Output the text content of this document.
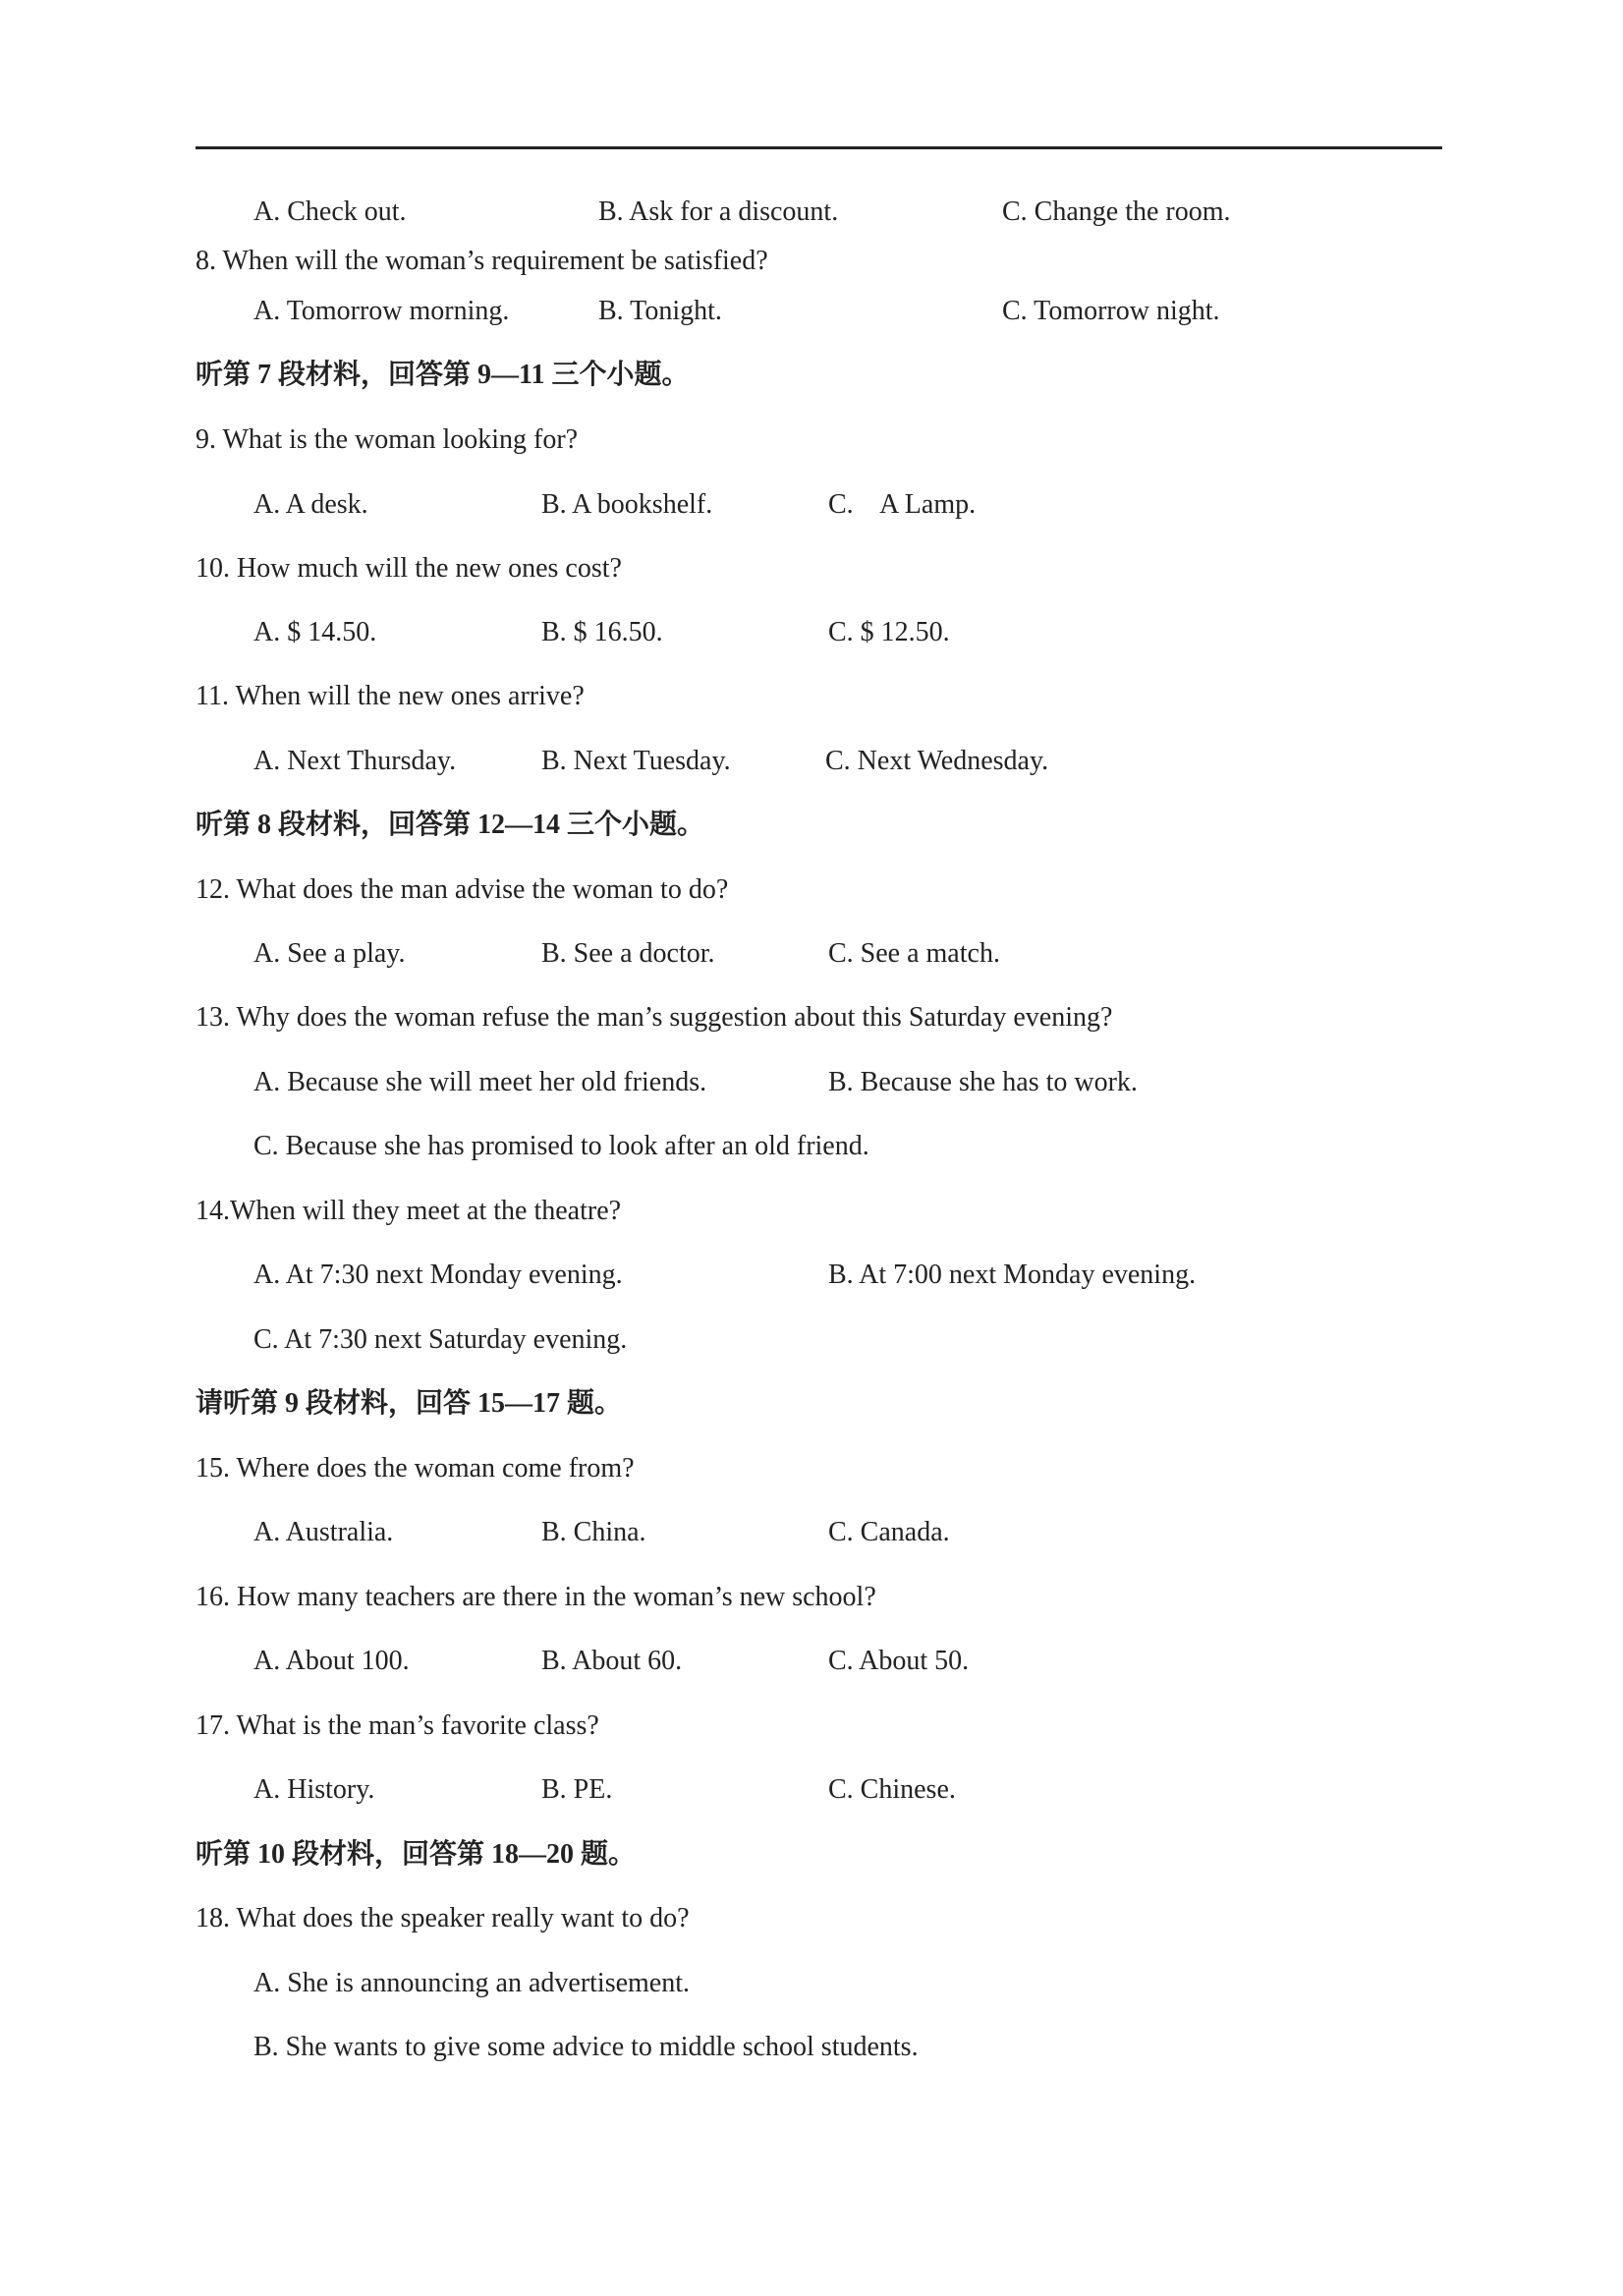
A. Check out.	B. Ask for a discount.	C. Change the room.
8. When will the woman’s requirement be satisfied?
A. Tomorrow morning.	B. Tonight.	C. Tomorrow night.
听第 7 段材料，回答第 9—11 三个小题。
9. What is the woman looking for?
A. A desk.	B. A bookshelf.	C.    A Lamp.
10. How much will the new ones cost?
A. $ 14.50.	B. $ 16.50.	C. $ 12.50.
11. When will the new ones arrive?
A. Next Thursday.	B. Next Tuesday.	C. Next Wednesday.
听第 8 段材料，回答第 12—14 三个小题。
12. What does the man advise the woman to do?
A. See a play.	B. See a doctor.	C. See a match.
13. Why does the woman refuse the man’s suggestion about this Saturday evening?
A. Because she will meet her old friends.	B. Because she has to work.
C. Because she has promised to look after an old friend.
14.When will they meet at the theatre?
A. At 7:30 next Monday evening.	B. At 7:00 next Monday evening.
C. At 7:30 next Saturday evening.
请听第 9 段材料，回答 15—17 题。
15. Where does the woman come from?
A. Australia.	B. China.	C. Canada.
16. How many teachers are there in the woman’s new school?
A. About 100.	B. About 60.	C. About 50.
17. What is the man’s favorite class?
A. History.	B. PE.	C. Chinese.
听第 10 段材料，回答第 18—20 题。
18. What does the speaker really want to do?
A. She is announcing an advertisement.
B. She wants to give some advice to middle school students.
